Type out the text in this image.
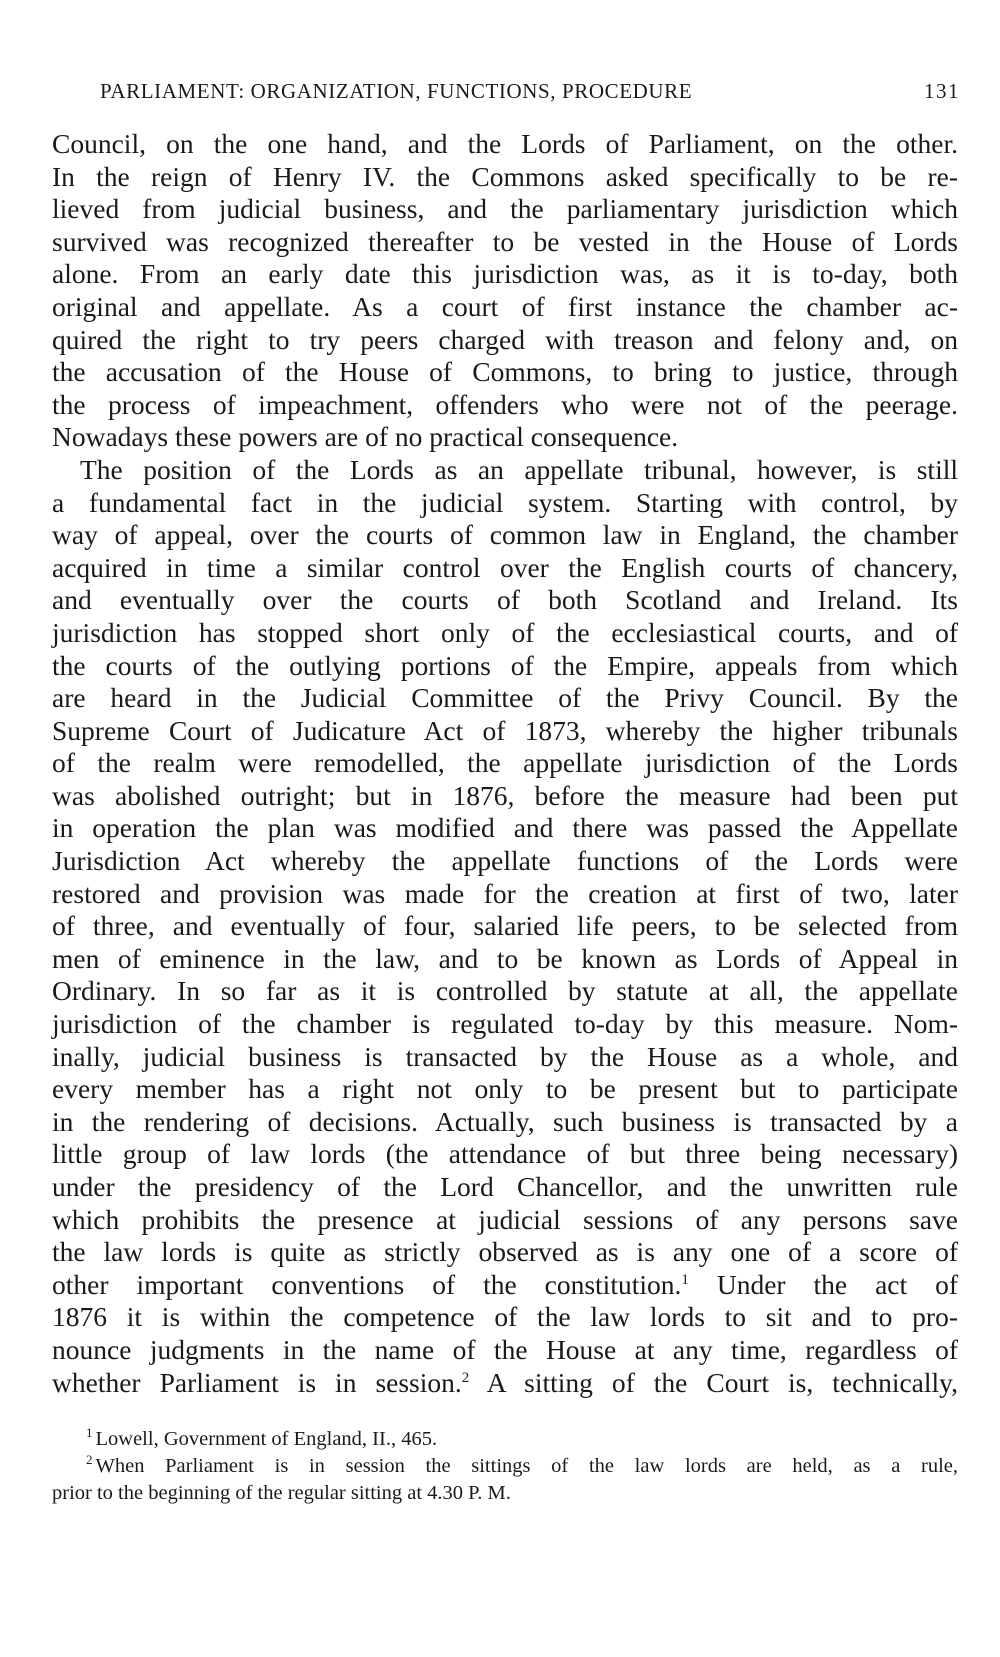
PARLIAMENT: ORGANIZATION, FUNCTIONS, PROCEDURE	131
Council, on the one hand, and the Lords of Parliament, on the other.
In the reign of Henry IV. the Commons asked specifically to be re-
lieved from judicial business, and the parliamentary jurisdiction which
survived was recognized thereafter to be vested in the House of Lords
alone. From an early date this jurisdiction was, as it is to-day, both
original and appellate. As a court of first instance the chamber ac-
quired the right to try peers charged with treason and felony and, on
the accusation of the House of Commons, to bring to justice, through
the process of impeachment, offenders who were not of the peerage.
Nowadays these powers are of no practical consequence.
The position of the Lords as an appellate tribunal, however, is still
a fundamental fact in the judicial system. Starting with control, by
way of appeal, over the courts of common law in England, the chamber
acquired in time a similar control over the English courts of chancery,
and eventually over the courts of both Scotland and Ireland. Its
jurisdiction has stopped short only of the ecclesiastical courts, and of
the courts of the outlying portions of the Empire, appeals from which
are heard in the Judicial Committee of the Privy Council. By the
Supreme Court of Judicature Act of 1873, whereby the higher tribunals
of the realm were remodelled, the appellate jurisdiction of the Lords
was abolished outright; but in 1876, before the measure had been put
in operation the plan was modified and there was passed the Appellate
Jurisdiction Act whereby the appellate functions of the Lords were
restored and provision was made for the creation at first of two, later
of three, and eventually of four, salaried life peers, to be selected from
men of eminence in the law, and to be known as Lords of Appeal in
Ordinary. In so far as it is controlled by statute at all, the appellate
jurisdiction of the chamber is regulated to-day by this measure. Nom-
inally, judicial business is transacted by the House as a whole, and
every member has a right not only to be present but to participate
in the rendering of decisions. Actually, such business is transacted by a
little group of law lords (the attendance of but three being necessary)
under the presidency of the Lord Chancellor, and the unwritten rule
which prohibits the presence at judicial sessions of any persons save
the law lords is quite as strictly observed as is any one of a score of
other important conventions of the constitution.$^1$ Under the act of
1876 it is within the competence of the law lords to sit and to pro-
nounce judgments in the name of the House at any time, regardless of
whether Parliament is in session.$^2$ A sitting of the Court is, technically,
$^1$ Lowell, Government of England, II., 465.
$^2$ When Parliament is in session the sittings of the law lords are held, as a rule,
prior to the beginning of the regular sitting at 4.30 P. M.
